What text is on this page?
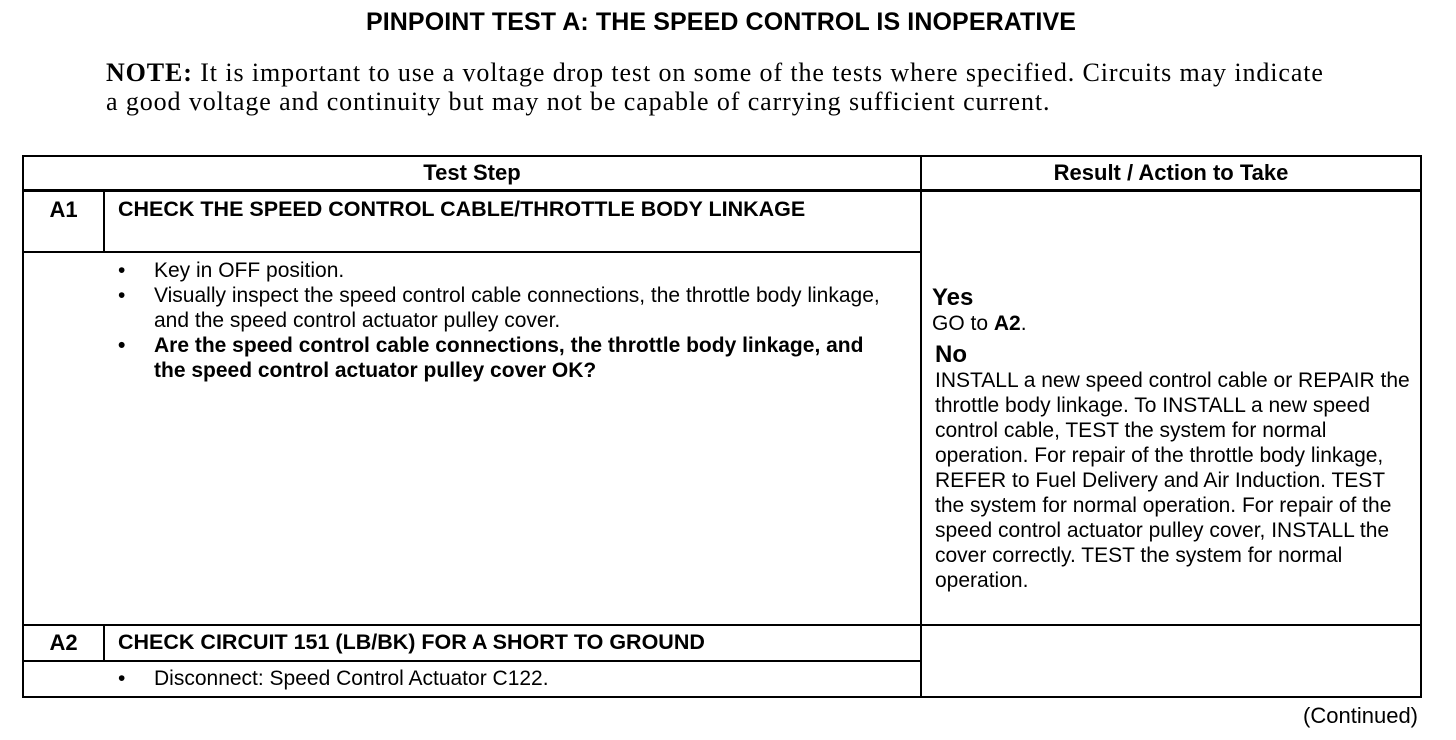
PINPOINT TEST A: THE SPEED CONTROL IS INOPERATIVE
NOTE: It is important to use a voltage drop test on some of the tests where specified. Circuits may indicate a good voltage and continuity but may not be capable of carrying sufficient current.
Test Step	Result / Action to Take
A1	CHECK THE SPEED CONTROL CABLE/THROTTLE BODY LINKAGE
• Key in OFF position.
• Visually inspect the speed control cable connections, the throttle body linkage, and the speed control actuator pulley cover.
• Are the speed control cable connections, the throttle body linkage, and the speed control actuator pulley cover OK?
Yes
GO to A2.
No
INSTALL a new speed control cable or REPAIR the throttle body linkage. To INSTALL a new speed control cable, TEST the system for normal operation. For repair of the throttle body linkage, REFER to Fuel Delivery and Air Induction. TEST the system for normal operation. For repair of the speed control actuator pulley cover, INSTALL the cover correctly. TEST the system for normal operation.
A2	CHECK CIRCUIT 151 (LB/BK) FOR A SHORT TO GROUND
• Disconnect: Speed Control Actuator C122.
(Continued)
